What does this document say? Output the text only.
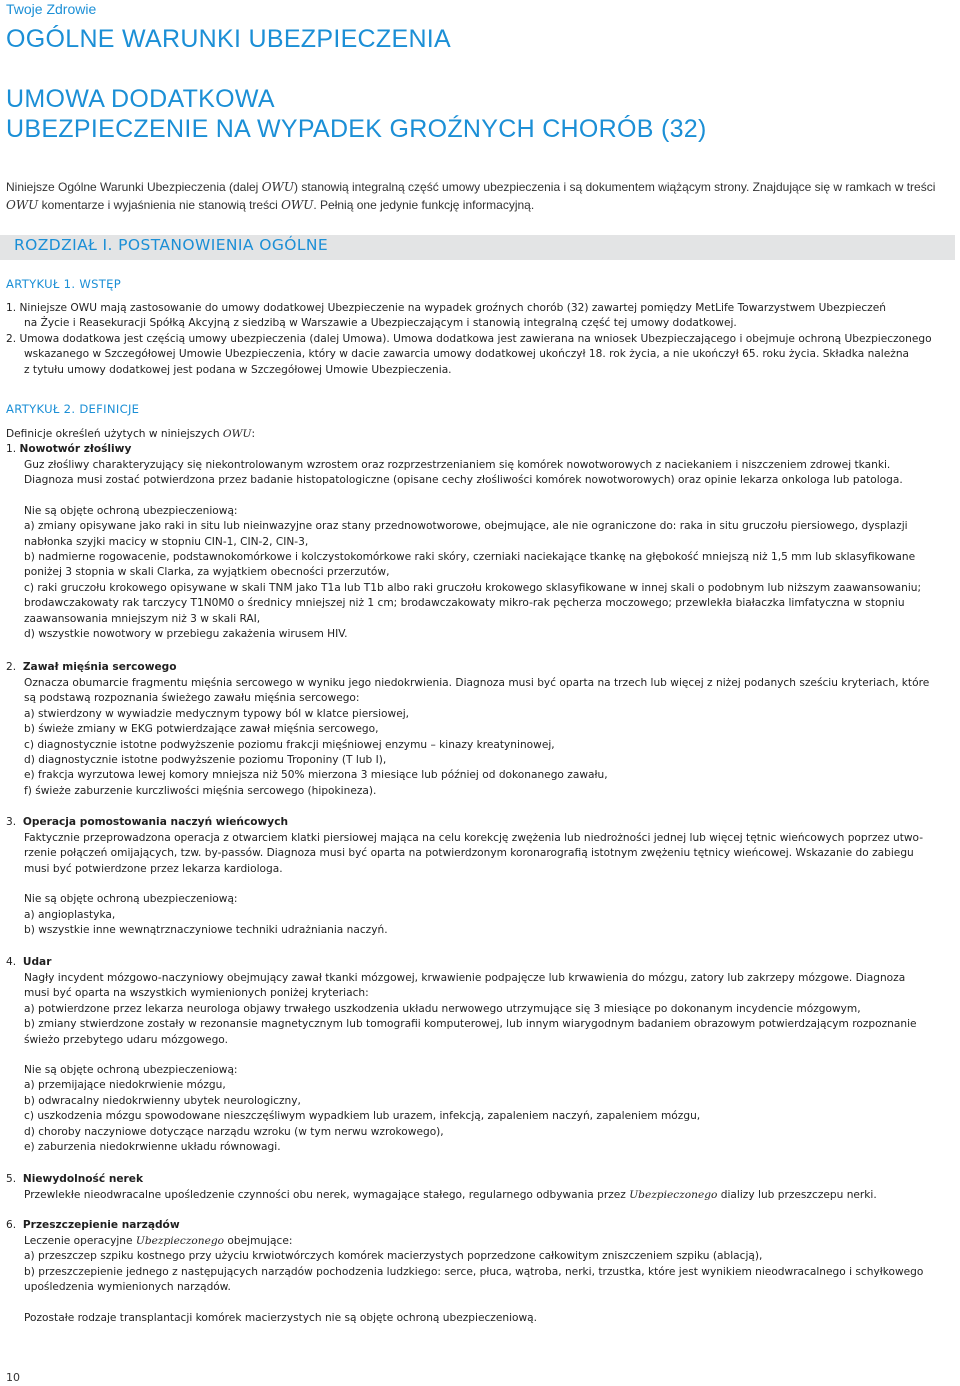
Twoje Zdrowie
OGÓLNE WARUNKI UBEZPIECZENIA
UMOWA DODATKOWA
UBEZPIECZENIE NA WYPADEK GROŹNYCH CHORÓB (32)
Niniejsze Ogólne Warunki Ubezpieczenia (dalej OWU) stanowią integralną część umowy ubezpieczenia i są dokumentem wiążącym strony. Znajdujące się w ramkach w treści
OWU komentarze i wyjaśnienia nie stanowią treści OWU. Pełnią one jedynie funkcję informacyjną.
ROZDZIAŁ I. POSTANOWIENIA OGÓLNE
ARTYKUŁ 1. WSTĘP
1. Niniejsze OWU mają zastosowanie do umowy dodatkowej Ubezpieczenie na wypadek groźnych chorób (32) zawartej pomiędzy MetLife Towarzystwem Ubezpieczeń
na Życie i Reasekuracji Spółką Akcyjną z siedzibą w Warszawie a Ubezpieczającym i stanowią integralną część tej umowy dodatkowej.
2. Umowa dodatkowa jest częścią umowy ubezpieczenia (dalej Umowa). Umowa dodatkowa jest zawierana na wniosek Ubezpieczającego i obejmuje ochroną Ubezpieczonego
wskazanego w Szczegółowej Umowie Ubezpieczenia, który w dacie zawarcia umowy dodatkowej ukończył 18. rok życia, a nie ukończył 65. roku życia. Składka należna
z tytułu umowy dodatkowej jest podana w Szczegółowej Umowie Ubezpieczenia.
ARTYKUŁ 2. DEFINICJE
Definicje określeń użytych w niniejszych OWU:
1. Nowotwór złośliwy
Guz złośliwy charakteryzujący się niekontrolowanym wzrostem oraz rozprzestrzenianiem się komórek nowotworowych z naciekaniem i niszczeniem zdrowej tkanki.
Diagnoza musi zostać potwierdzona przez badanie histopatologiczne (opisane cechy złośliwości komórek nowotworowych) oraz opinie lekarza onkologa lub patologa.
Nie są objęte ochroną ubezpieczeniową:
a) zmiany opisywane jako raki in situ lub nieinwazyjne oraz stany przednowotworowe, obejmujące, ale nie ograniczone do: raka in situ gruczołu piersiowego, dysplazji
nabłonka szyjki macicy w stopniu CIN-1, CIN-2, CIN-3,
b) nadmierne rogowacenie, podstawnokomórkowe i kolczystokomórkowe raki skóry, czerniaki naciekające tkankę na głębokość mniejszą niż 1,5 mm lub sklasyfikowane
poniżej 3 stopnia w skali Clarka, za wyjątkiem obecności przerzutów,
c) raki gruczołu krokowego opisywane w skali TNM jako T1a lub T1b albo raki gruczołu krokowego sklasyfikowane w innej skali o podobnym lub niższym zaawansowaniu;
brodawczakowaty rak tarczycy T1N0M0 o średnicy mniejszej niż 1 cm; brodawczakowaty mikro-rak pęcherza moczowego; przewlekła białaczka limfatyczna w stopniu
zaawansowania mniejszym niż 3 w skali RAI,
d) wszystkie nowotwory w przebiegu zakażenia wirusem HIV.
2. Zawał mięśnia sercowego
Oznacza obumarcie fragmentu mięśnia sercowego w wyniku jego niedokrwienia. Diagnoza musi być oparta na trzech lub więcej z niżej podanych sześciu kryteriach, które
są podstawą rozpoznania świeżego zawału mięśnia sercowego:
a) stwierdzony w wywiadzie medycznym typowy ból w klatce piersiowej,
b) świeże zmiany w EKG potwierdzające zawał mięśnia sercowego,
c) diagnostycznie istotne podwyższenie poziomu frakcji mięśniowej enzymu – kinazy kreatyninowej,
d) diagnostycznie istotne podwyższenie poziomu Troponiny (T lub I),
e) frakcja wyrzutowa lewej komory mniejsza niż 50% mierzona 3 miesiące lub później od dokonanego zawału,
f) świeże zaburzenie kurczliwości mięśnia sercowego (hipokineza).
3. Operacja pomostowania naczyń wieńcowych
Faktycznie przeprowadzona operacja z otwarciem klatki piersiowej mająca na celu korekcję zwężenia lub niedrożności jednej lub więcej tętnic wieńcowych poprzez utwo-
rzenie połączeń omijających, tzw. by-passów. Diagnoza musi być oparta na potwierdzonym koronarografią istotnym zwężeniu tętnicy wieńcowej. Wskazanie do zabiegu
musi być potwierdzone przez lekarza kardiologa.
Nie są objęte ochroną ubezpieczeniową:
a) angioplastyka,
b) wszystkie inne wewnątrznaczyniowe techniki udrażniania naczyń.
4. Udar
Nagły incydent mózgowo-naczyniowy obejmujący zawał tkanki mózgowej, krwawienie podpajęcze lub krwawienia do mózgu, zatory lub zakrzepy mózgowe. Diagnoza
musi być oparta na wszystkich wymienionych poniżej kryteriach:
a) potwierdzone przez lekarza neurologa objawy trwałego uszkodzenia układu nerwowego utrzymujące się 3 miesiące po dokonanym incydencie mózgowym,
b) zmiany stwierdzone zostały w rezonansie magnetycznym lub tomografii komputerowej, lub innym wiarygodnym badaniem obrazowym potwierdzającym rozpoznanie
świeżo przebytego udaru mózgowego.
Nie są objęte ochroną ubezpieczeniową:
a) przemijające niedokrwienie mózgu,
b) odwracalny niedokrwienny ubytek neurologiczny,
c) uszkodzenia mózgu spowodowane nieszczęśliwym wypadkiem lub urazem, infekcją, zapaleniem naczyń, zapaleniem mózgu,
d) choroby naczyniowe dotyczące narządu wzroku (w tym nerwu wzrokowego),
e) zaburzenia niedokrwienne układu równowagi.
5. Niewydolność nerek
Przewlekłe nieodwracalne upośledzenie czynności obu nerek, wymagające stałego, regularnego odbywania przez Ubezpieczonego dializy lub przeszczepu nerki.
6. Przeszczepienie narządów
Leczenie operacyjne Ubezpieczonego obejmujące:
a) przeszczep szpiku kostnego przy użyciu krwiotwórczych komórek macierzystych poprzedzone całkowitym zniszczeniem szpiku (ablacją),
b) przeszczepienie jednego z następujących narządów pochodzenia ludzkiego: serce, płuca, wątroba, nerki, trzustka, które jest wynikiem nieodwracalnego i schyłkowego
upośledzenia wymienionych narządów.
Pozostałe rodzaje transplantacji komórek macierzystych nie są objęte ochroną ubezpieczeniową.
10
